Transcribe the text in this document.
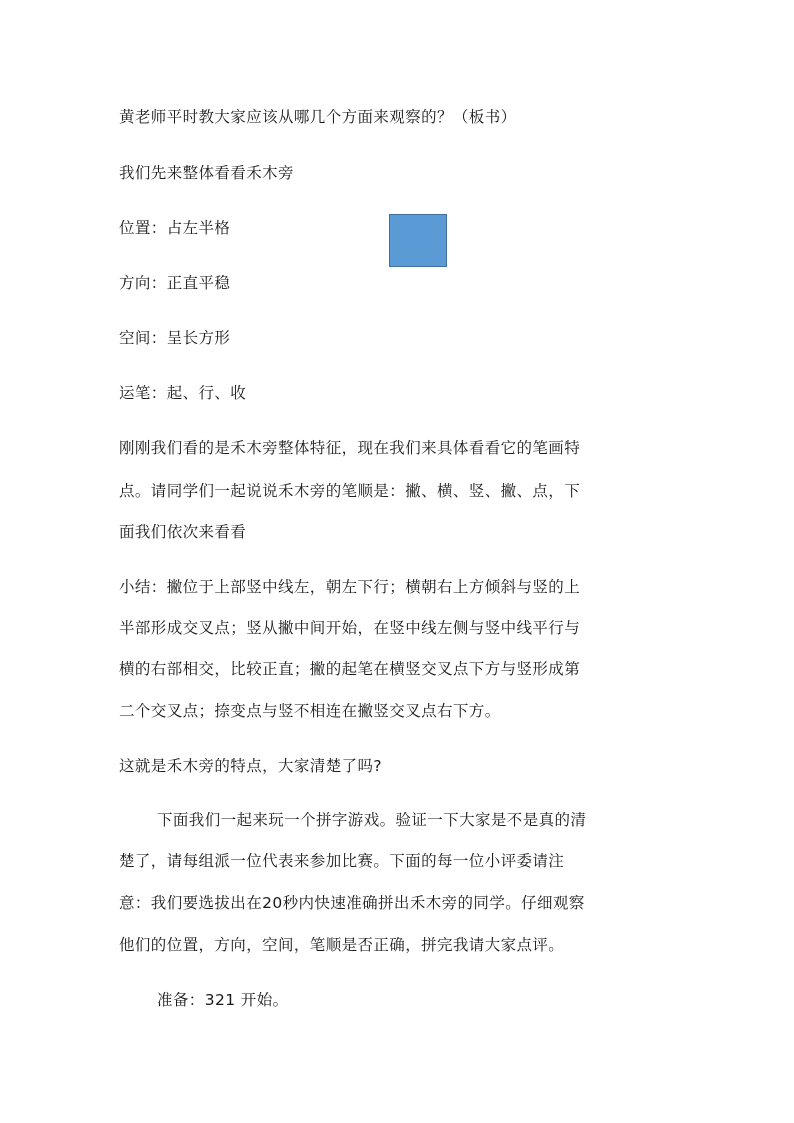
黄老师平时教大家应该从哪几个方面来观察的？（板书）
我们先来整体看看禾木旁
位置：占左半格
方向：正直平稳
空间：呈长方形
运笔：起、行、收
刚刚我们看的是禾木旁整体特征，现在我们来具体看看它的笔画特
点。请同学们一起说说禾木旁的笔顺是：撇、横、竖、撇、点，下
面我们依次来看看
小结：撇位于上部竖中线左，朝左下行；横朝右上方倾斜与竖的上
半部形成交叉点；竖从撇中间开始，在竖中线左侧与竖中线平行与
横的右部相交，比较正直；撇的起笔在横竖交叉点下方与竖形成第
二个交叉点；捺变点与竖不相连在撇竖交叉点右下方。
这就是禾木旁的特点，大家清楚了吗?
下面我们一起来玩一个拼字游戏。验证一下大家是不是真的清
楚了，请每组派一位代表来参加比赛。下面的每一位小评委请注
意：我们要选拔出在20秒内快速准确拼出禾木旁的同学。仔细观察
他们的位置，方向，空间，笔顺是否正确，拼完我请大家点评。
准备：321 开始。
